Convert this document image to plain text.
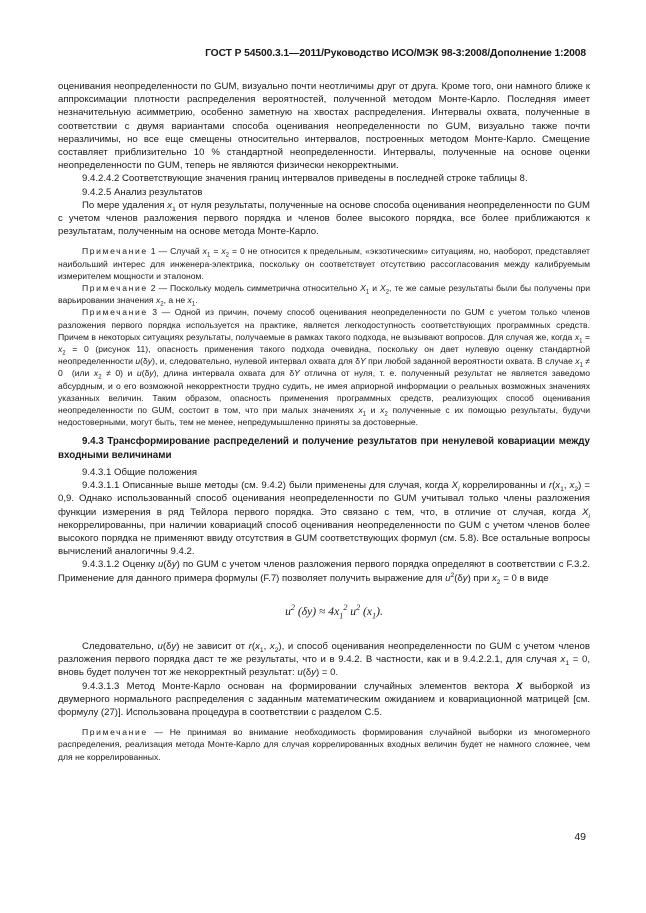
ГОСТ Р 54500.3.1—2011/Руководство ИСО/МЭК 98-3:2008/Дополнение 1:2008

оценивания неопределенности по GUM, визуально почти неотличимы друг от друга. Кроме того, они намного ближе к аппроксимации плотности распределения вероятностей, полученной методом Монте-Карло. Последняя имеет незначительную асимметрию, особенно заметную на хвостах распределения. Интервалы охвата, полученные в соответствии с двумя вариантами способа оценивания неопределенности по GUM, визуально также почти неразличимы, но все еще смещены относительно интервалов, построенных методом Монте-Карло. Смещение составляет приблизительно 10 % стандартной неопределенности. Интервалы, полученные на основе оценки неопределенности по GUM, теперь не являются физически некорректными.

9.4.2.4.2 Соответствующие значения границ интервалов приведены в последней строке таблицы 8.

9.4.2.5 Анализ результатов

По мере удаления $x_1$ от нуля результаты, полученные на основе способа оценивания неопределенности по GUM с учетом членов разложения первого порядка и членов более высокого порядка, все более приближаются к результатам, полученным на основе метода Монте-Карло.

Примечание 1 — Случай $x_1 = x_2 = 0$ не относится к предельным, «экзотическим» ситуациям, но, наоборот, представляет наибольший интерес для инженера-электрика, поскольку он соответствует отсутствию рассогласования между калибруемым измерителем мощности и эталоном.

Примечание 2 — Поскольку модель симметрична относительно $X_1$ и $X_2$, те же самые результаты были бы получены при варьировании значения $x_2$, а не $x_1$.

Примечание 3 — Одной из причин, почему способ оценивания неопределенности по GUM с учетом только членов разложения первого порядка используется на практике, является легкодоступность соответствующих программных средств. Причем в некоторых ситуациях результаты, получаемые в рамках такого подхода, не вызывают вопросов. Для случая же, когда $x_1 = x_2 = 0$ (рисунок 11), опасность применения такого подхода очевидна, поскольку он дает нулевую оценку стандартной неопределенности u(δy), и, следовательно, нулевой интервал охвата для δY при любой заданной вероятности охвата. В случае $x_1 \ne 0$  (или $x_2 \ne 0$) и u(δy), длина интервала охвата для δY отлична от нуля, т. е. полученный результат не является заведомо абсурдным, и о его возможной некорректности трудно судить, не имея априорной информации о реальных возможных значениях указанных величин. Таким образом, опасность применения программных средств, реализующих способ оценивания неопределенности по GUM, состоит в том, что при малых значениях $x_1$ и $x_2$ полученные с их помощью результаты, будучи недостоверными, могут быть, тем не менее, непредумышленно приняты за достоверные.

9.4.3 Трансформирование распределений и получение результатов при ненулевой ковариации между входными величинами

9.4.3.1 Общие положения

9.4.3.1.1 Описанные выше методы (см. 9.4.2) были применены для случая, когда $X_i$ коррелированны и $r(x_1$, $x_2) = 0,9$. Однако использованный способ оценивания неопределенности по GUM учитывал только члены разложения функции измерения в ряд Тейлора первого порядка. Это связано с тем, что, в отличие от случая, когда $X_i$ некоррелированны, при наличии ковариаций способ оценивания неопределенности по GUM с учетом членов более высокого порядка не применяют ввиду отсутствия в GUM соответствующих формул (см. 5.8). Все остальные вопросы вычислений аналогичны 9.4.2.

9.4.3.1.2 Оценку u(δy) по GUM с учетом членов разложения первого порядка определяют в соответствии с F.3.2. Применение для данного примера формулы (F.7) позволяет получить выражение для $u^2(\delta y)$ при $x_2 = 0$ в виде

$u^2$ $(\delta y) \approx 4x_1^2$ $u^2$ $(x_1)$.

Следовательно, u(δy) не зависит от $r(x_1$, $x_2$), и способ оценивания неопределенности по GUM с учетом членов разложения первого порядка даст те же результаты, что и в 9.4.2. В частности, как и в 9.4.2.2.1, для случая $x_1 = 0$, вновь будет получен тот же некорректный результат: u(δy) = 0.

9.4.3.1.3 Метод Монте-Карло основан на формировании случайных элементов вектора X выборкой из двумерного нормального распределения с заданным математическим ожиданием и ковариационной матрицей [см. формулу (27)]. Использована процедура в соответствии с разделом C.5.

Примечание — Не принимая во внимание необходимость формирования случайной выборки из многомерного распределения, реализация метода Монте-Карло для случая коррелированных входных величин будет не намного сложнее, чем для не коррелированных.

49
